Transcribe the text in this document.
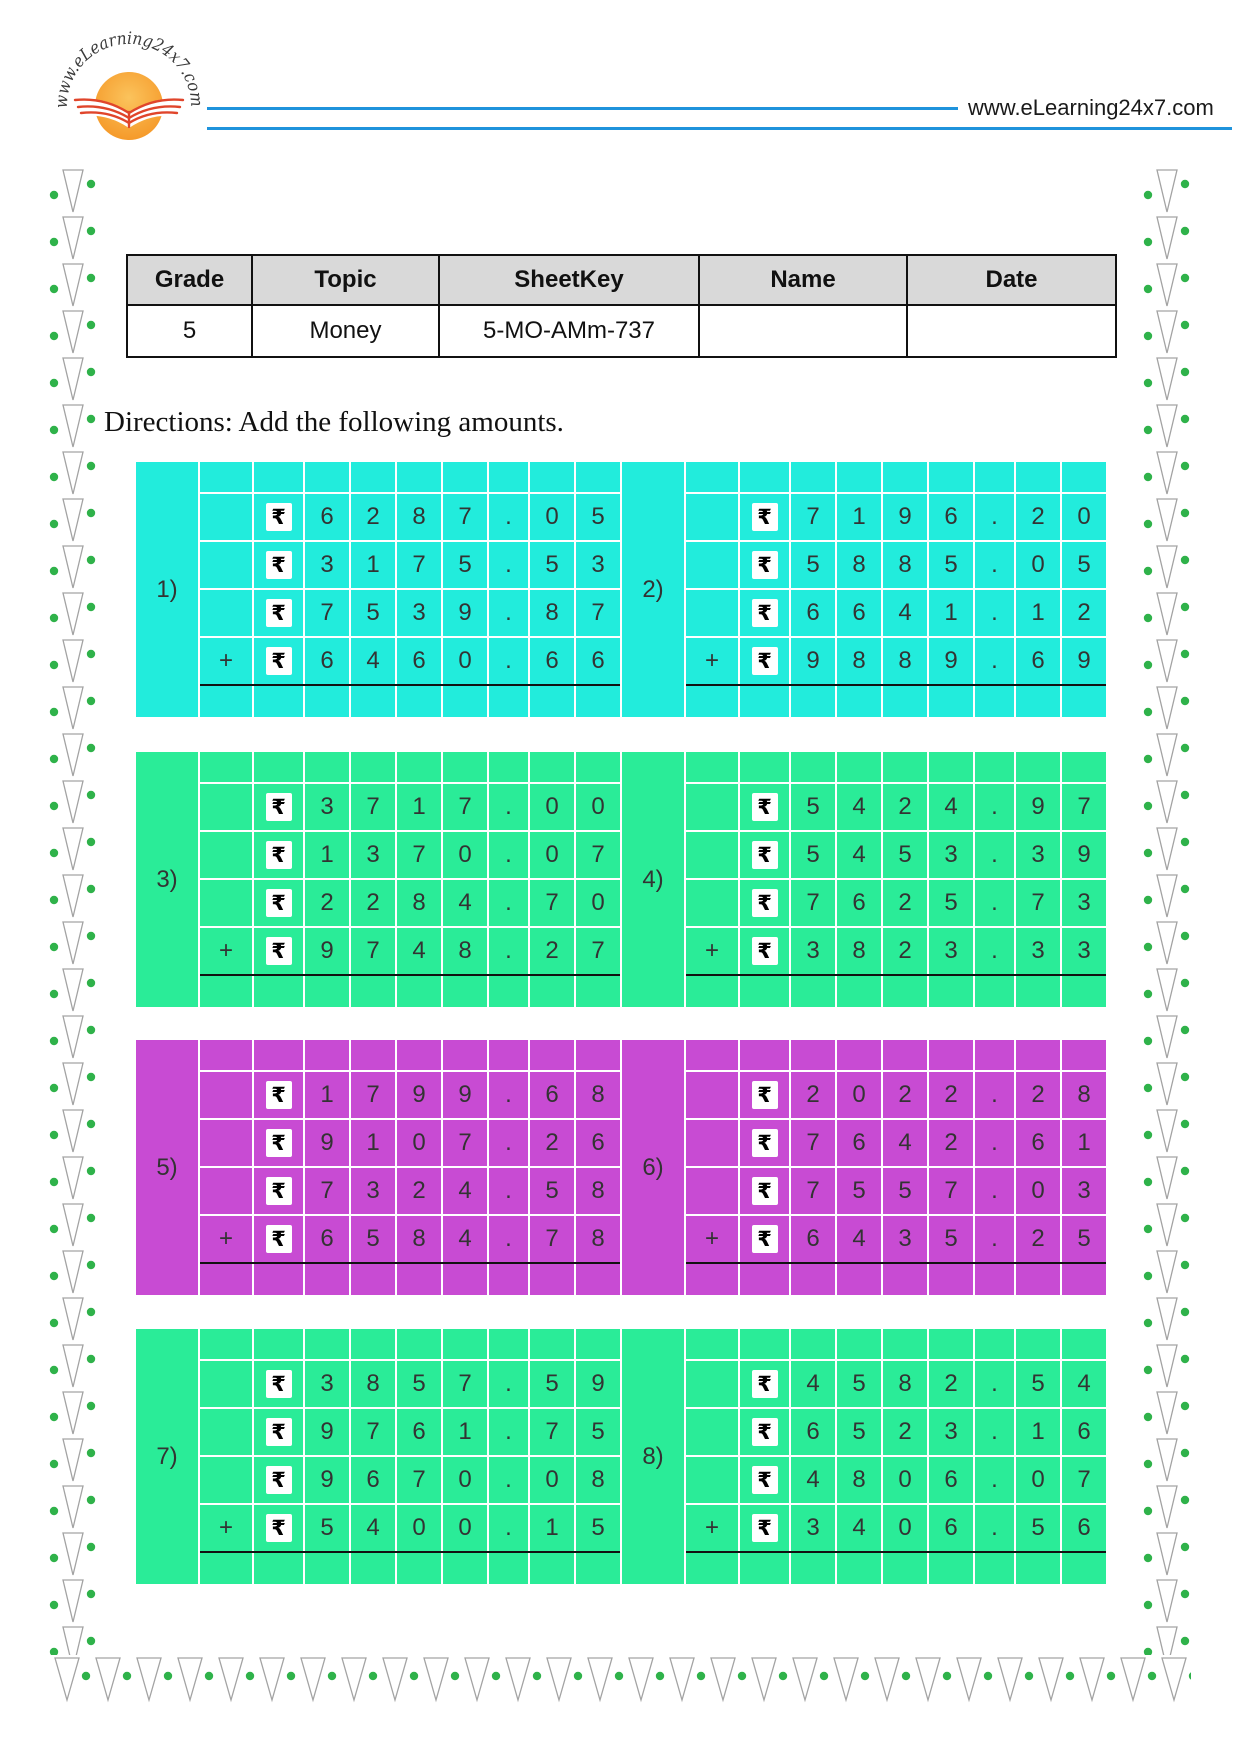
www.eLearning24x7.com	www.eLearning24x7.com
Grade	Topic	SheetKey	Name	Date
5	Money	5-MO-AMm-737		
Directions: Add the following amounts.
1)
₹	6	2	8	7	.	0	5
₹	3	1	7	5	.	5	3
₹	7	5	3	9	.	8	7
+	₹	6	4	6	0	.	6	6
2)
₹	7	1	9	6	.	2	0
₹	5	8	8	5	.	0	5
₹	6	6	4	1	.	1	2
+	₹	9	8	8	9	.	6	9
3)
₹	3	7	1	7	.	0	0
₹	1	3	7	0	.	0	7
₹	2	2	8	4	.	7	0
+	₹	9	7	4	8	.	2	7
4)
₹	5	4	2	4	.	9	7
₹	5	4	5	3	.	3	9
₹	7	6	2	5	.	7	3
+	₹	3	8	2	3	.	3	3
5)
₹	1	7	9	9	.	6	8
₹	9	1	0	7	.	2	6
₹	7	3	2	4	.	5	8
+	₹	6	5	8	4	.	7	8
6)
₹	2	0	2	2	.	2	8
₹	7	6	4	2	.	6	1
₹	7	5	5	7	.	0	3
+	₹	6	4	3	5	.	2	5
7)
₹	3	8	5	7	.	5	9
₹	9	7	6	1	.	7	5
₹	9	6	7	0	.	0	8
+	₹	5	4	0	0	.	1	5
8)
₹	4	5	8	2	.	5	4
₹	6	5	2	3	.	1	6
₹	4	8	0	6	.	0	7
+	₹	3	4	0	6	.	5	6
